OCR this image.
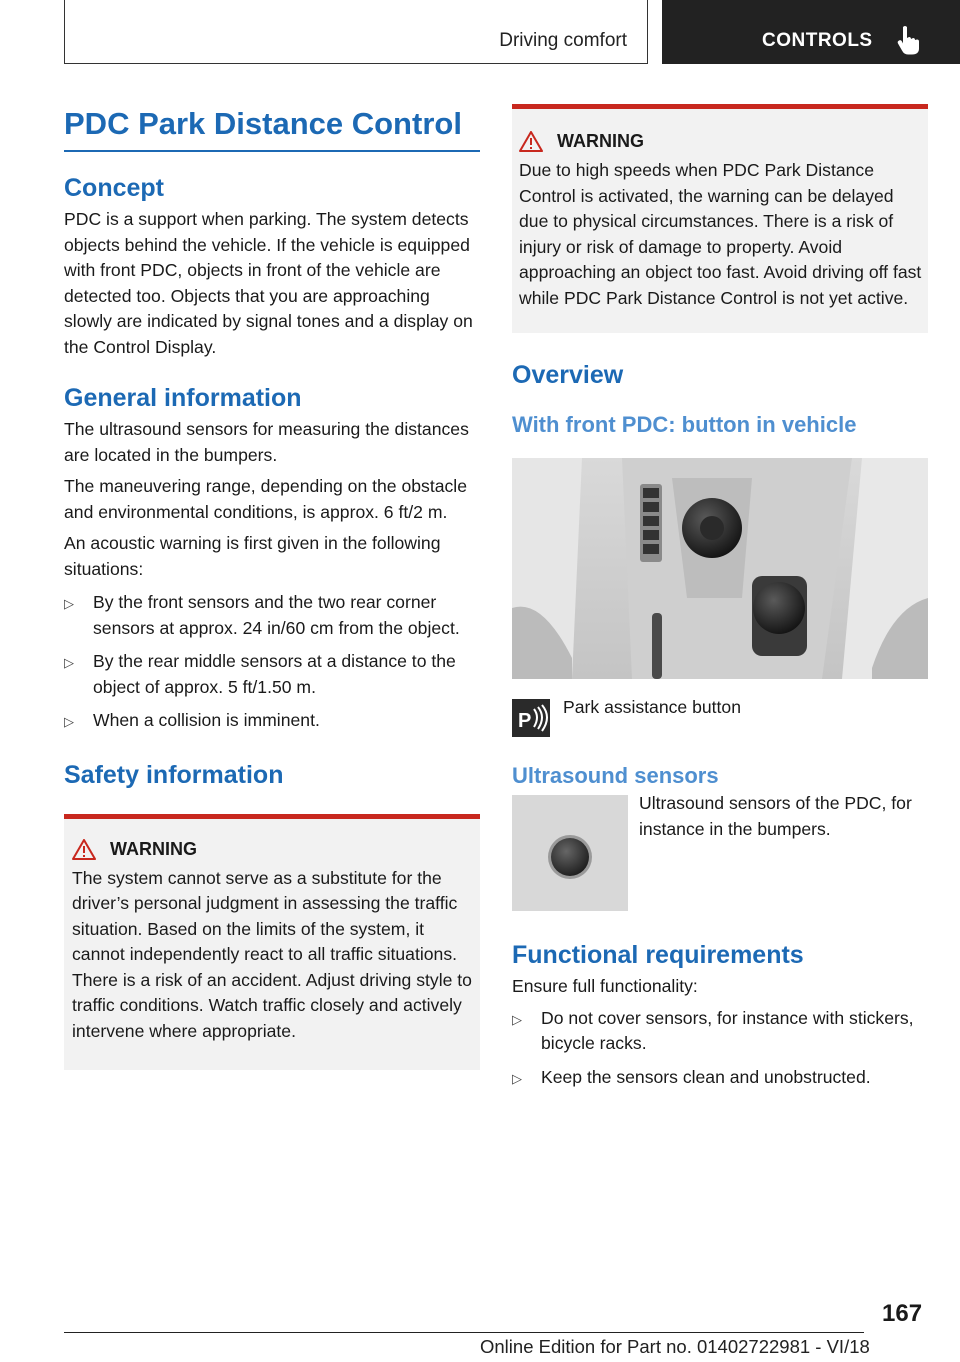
Driving comfort	CONTROLS
PDC Park Distance Control
Concept

PDC is a support when parking. The system detects objects behind the vehicle. If the vehicle is equipped with front PDC, objects in front of the vehicle are detected too. Objects that you are approaching slowly are indicated by signal tones and a display on the Control Display.

General information

The ultrasound sensors for measuring the distances are located in the bumpers.

The maneuvering range, depending on the obstacle and environmental conditions, is approx. 6 ft/2 m.

An acoustic warning is first given in the following situations:

▷	By the front sensors and the two rear corner sensors at approx. 24 in/60 cm from the object.
▷	By the rear middle sensors at a distance to the object of approx. 5 ft/1.50 m.
▷	When a collision is imminent.
Safety information
WARNING

The system cannot serve as a substitute for the driver’s personal judgment in assessing the traffic situation. Based on the limits of the system, it cannot independently react to all traffic situations. There is a risk of an accident. Adjust driving style to traffic conditions. Watch traffic closely and actively intervene where appropriate.

WARNING

Due to high speeds when PDC Park Distance Control is activated, the warning can be delayed due to physical circumstances. There is a risk of injury or risk of damage to property. Avoid approaching an object too fast. Avoid driving off fast while PDC Park Distance Control is not yet active.

Overview
With front PDC: button in vehicle
P

Park assistance button

Ultrasound sensors

Ultrasound sensors of the PDC, for instance in the bumpers.

Functional requirements

Ensure full functionality:

▷	Do not cover sensors, for instance with stickers, bicycle racks.
▷	Keep the sensors clean and unobstructed.
167
Online Edition for Part no. 01402722981 - VI/18
